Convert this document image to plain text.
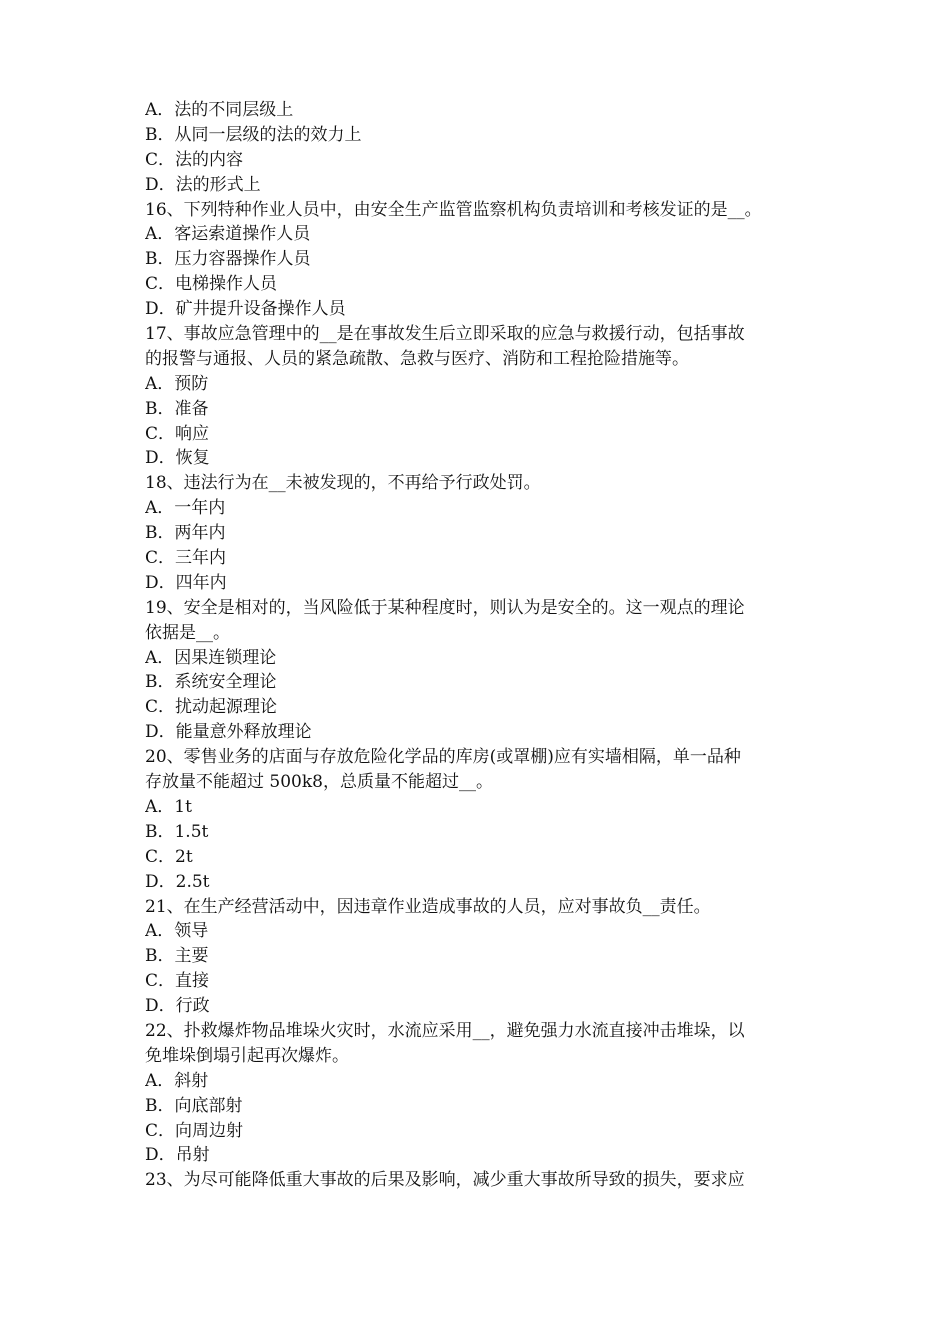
A．法的不同层级上
B．从同一层级的法的效力上
C．法的内容
D．法的形式上
16、下列特种作业人员中，由安全生产监管监察机构负责培训和考核发证的是__。
A．客运索道操作人员
B．压力容器操作人员
C．电梯操作人员
D．矿井提升设备操作人员
17、事故应急管理中的__是在事故发生后立即采取的应急与救援行动，包括事故
的报警与通报、人员的紧急疏散、急救与医疗、消防和工程抢险措施等。
A．预防
B．准备
C．响应
D．恢复
18、违法行为在__未被发现的，不再给予行政处罚。
A．一年内
B．两年内
C．三年内
D．四年内
19、安全是相对的，当风险低于某种程度时，则认为是安全的。这一观点的理论
依据是__。
A．因果连锁理论
B．系统安全理论
C．扰动起源理论
D．能量意外释放理论
20、零售业务的店面与存放危险化学品的库房(或罩棚)应有实墙相隔，单一品种
存放量不能超过 500k8，总质量不能超过__。
A．1t
B．1.5t
C．2t
D．2.5t
21、在生产经营活动中，因违章作业造成事故的人员，应对事故负__责任。
A．领导
B．主要
C．直接
D．行政
22、扑救爆炸物品堆垛火灾时，水流应采用__，避免强力水流直接冲击堆垛，以
免堆垛倒塌引起再次爆炸。
A．斜射
B．向底部射
C．向周边射
D．吊射
23、为尽可能降低重大事故的后果及影响，减少重大事故所导致的损失，要求应
